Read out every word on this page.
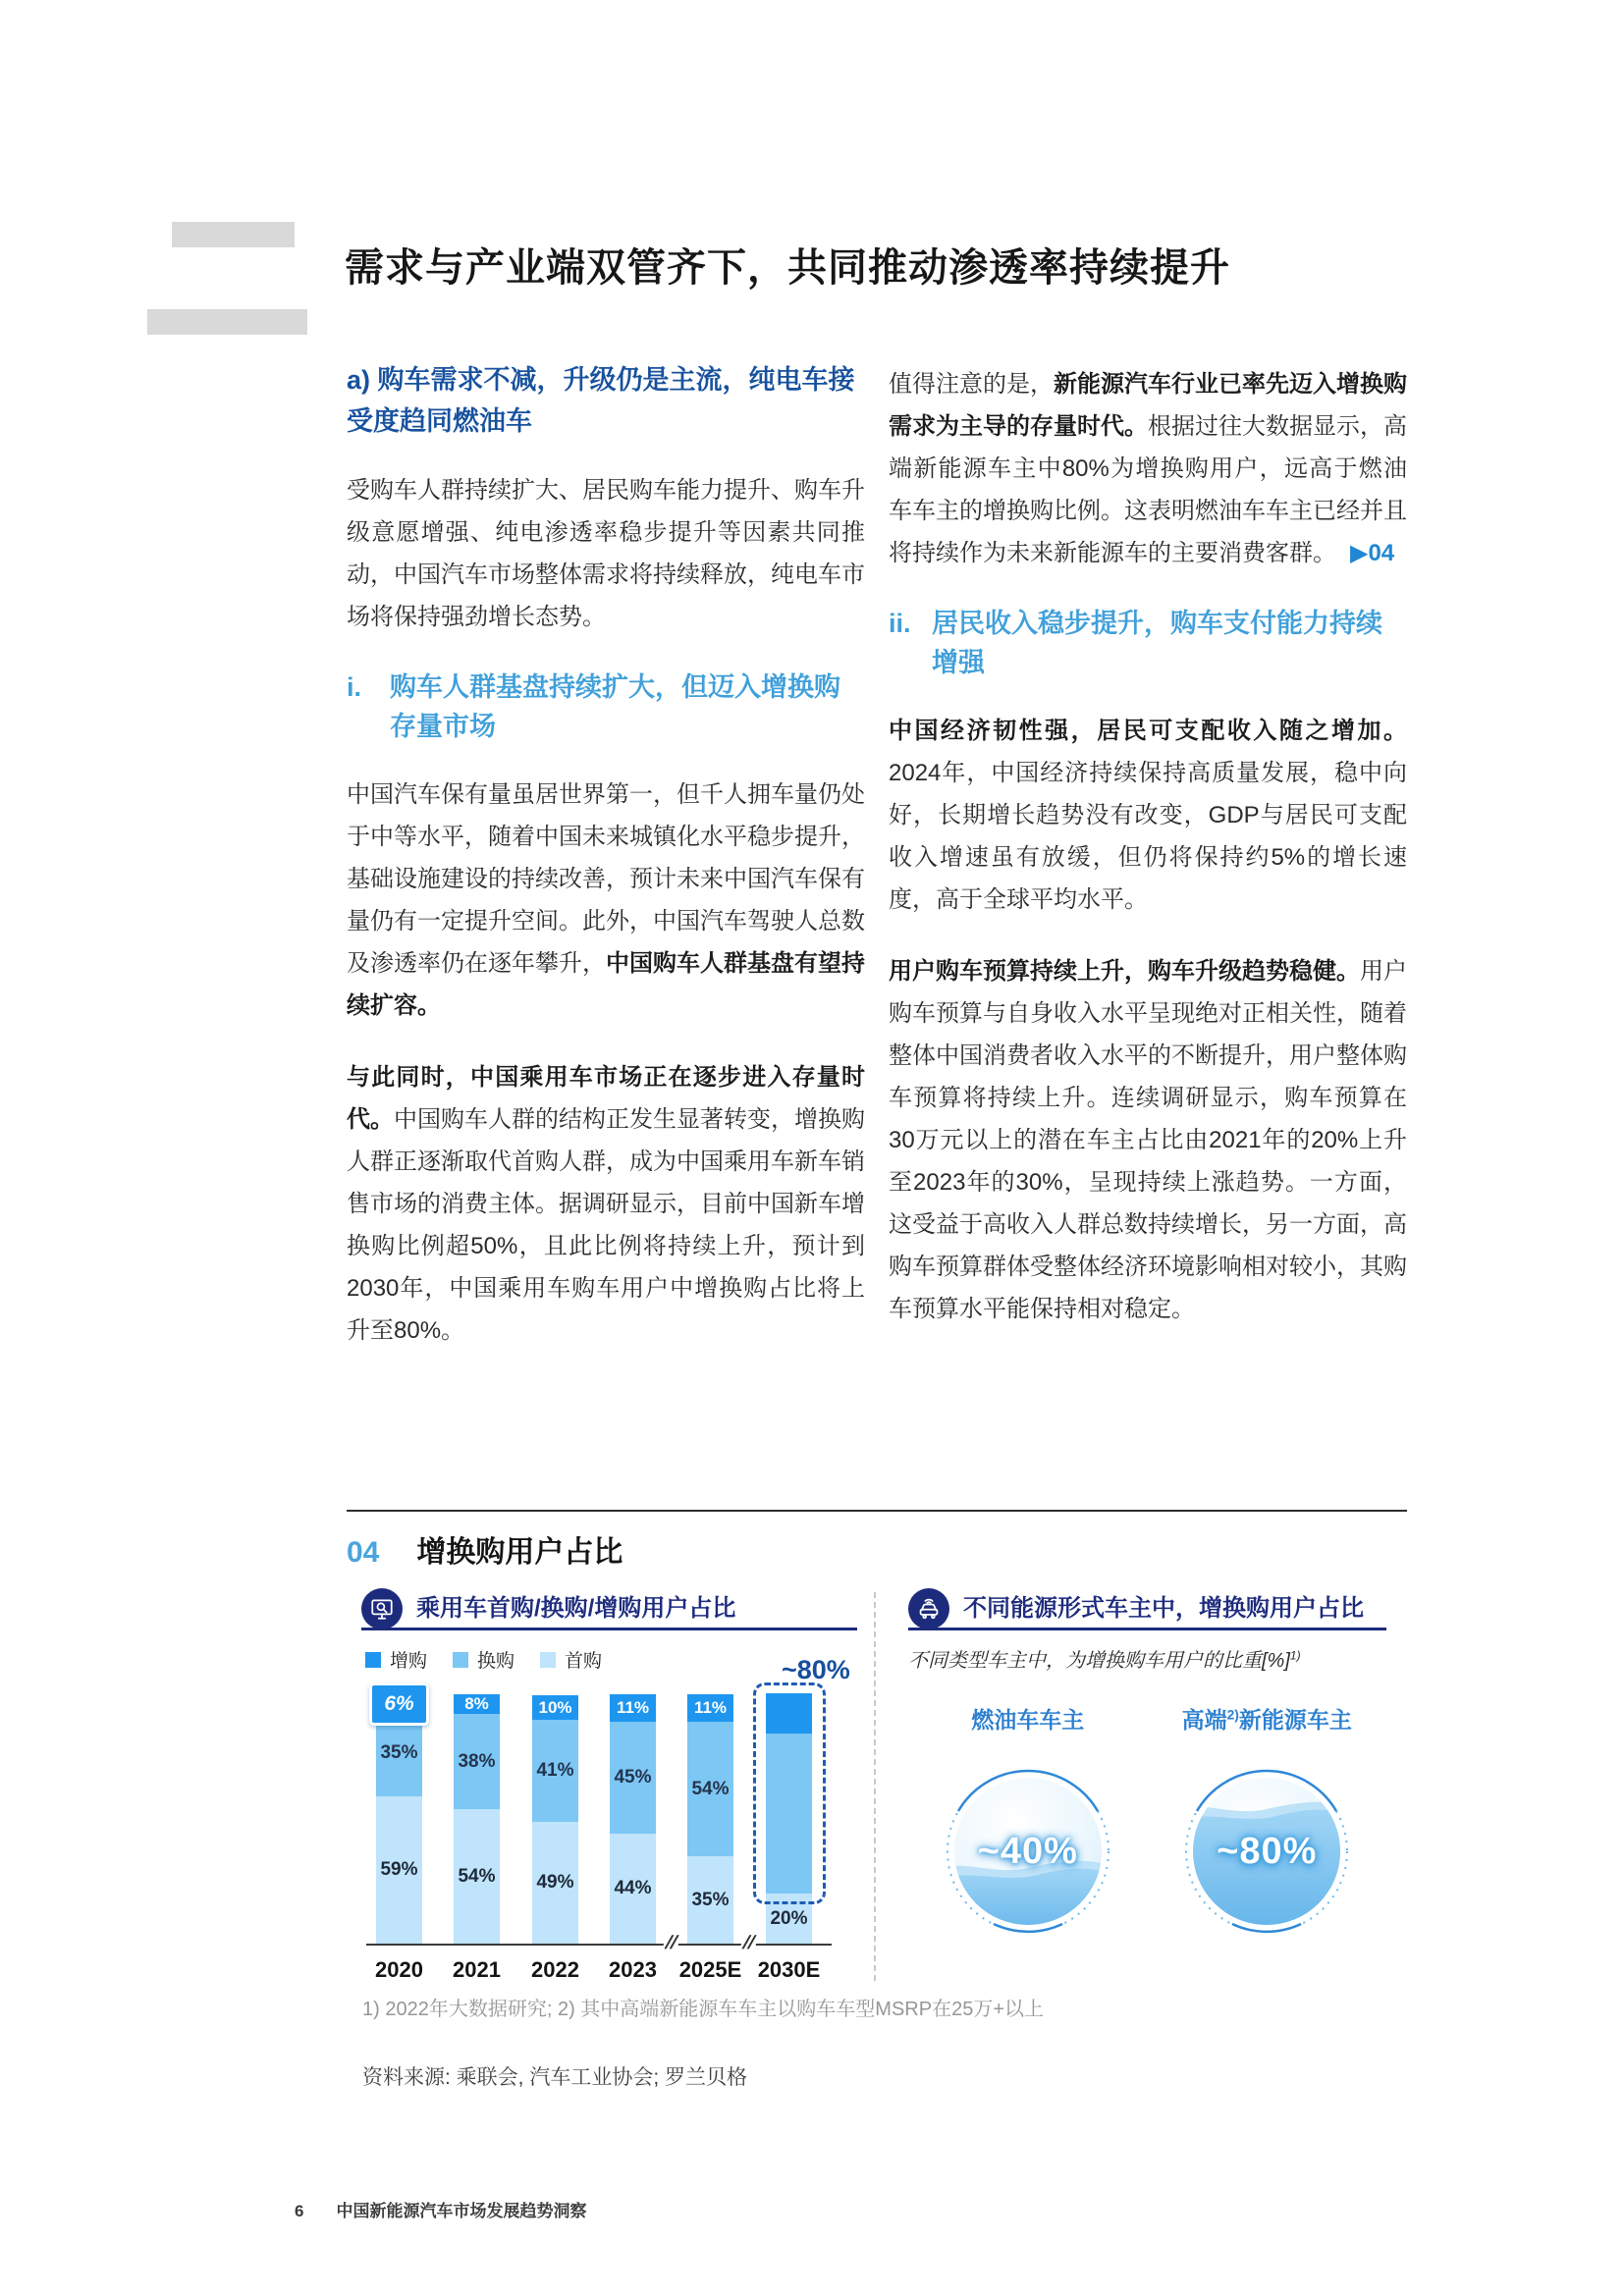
需求与产业端双管齐下，共同推动渗透率持续提升
a) 购车需求不减，升级仍是主流，纯电车接受度趋同燃油车

受购车人群持续扩大、居民购车能力提升、购车升级意愿增强、纯电渗透率稳步提升等因素共同推动，中国汽车市场整体需求将持续释放，纯电车市场将保持强劲增长态势。

i. 购车人群基盘持续扩大，但迈入增换购存量市场

中国汽车保有量虽居世界第一，但千人拥车量仍处于中等水平，随着中国未来城镇化水平稳步提升，基础设施建设的持续改善，预计未来中国汽车保有量仍有一定提升空间。此外，中国汽车驾驶人总数及渗透率仍在逐年攀升，中国购车人群基盘有望持续扩容。

与此同时，中国乘用车市场正在逐步进入存量时代。中国购车人群的结构正发生显著转变，增换购人群正逐渐取代首购人群，成为中国乘用车新车销售市场的消费主体。据调研显示，目前中国新车增换购比例超50%，且此比例将持续上升，预计到2030年，中国乘用车购车用户中增换购占比将上升至80%。

值得注意的是，新能源汽车行业已率先迈入增换购需求为主导的存量时代。根据过往大数据显示，高端新能源车主中80%为增换购用户，远高于燃油车车主的增换购比例。这表明燃油车车主已经并且将持续作为未来新能源车的主要消费客群。 ▶04

ii. 居民收入稳步提升，购车支付能力持续增强

中国经济韧性强，居民可支配收入随之增加。2024年，中国经济持续保持高质量发展，稳中向好，长期增长趋势没有改变，GDP与居民可支配收入增速虽有放缓，但仍将保持约5%的增长速度，高于全球平均水平。

用户购车预算持续上升，购车升级趋势稳健。用户购车预算与自身收入水平呈现绝对正相关性，随着整体中国消费者收入水平的不断提升，用户整体购车预算将持续上升。连续调研显示，购车预算在30万元以上的潜在车主占比由2021年的20%上升至2023年的30%，呈现持续上涨趋势。一方面，这受益于高收入人群总数持续增长，另一方面，高购车预算群体受整体经济环境影响相对较小，其购车预算水平能保持相对稳定。

04 增换购用户占比
乘用车首购/换购/增购用户占比
增购	换购	首购
59%
35%
6%
54%
38%
8%
49%
41%
10%
44%
45%
11%
35%
54%
11%
20%
//	//
~80%
2020	2021	2022	2023	2025E 2030E
不同能源形式车主中，增换购用户占比
不同类型车主中，为增换购车用户的比重[%]$^{1)}$
燃油车车主
~40%
高端$^{2)}$新能源车主
~80%
1) 2022年大数据研究; 2) 其中高端新能源车车主以购车车型MSRP在25万+以上
资料来源: 乘联会, 汽车工业协会; 罗兰贝格
6 中国新能源汽车市场发展趋势洞察
